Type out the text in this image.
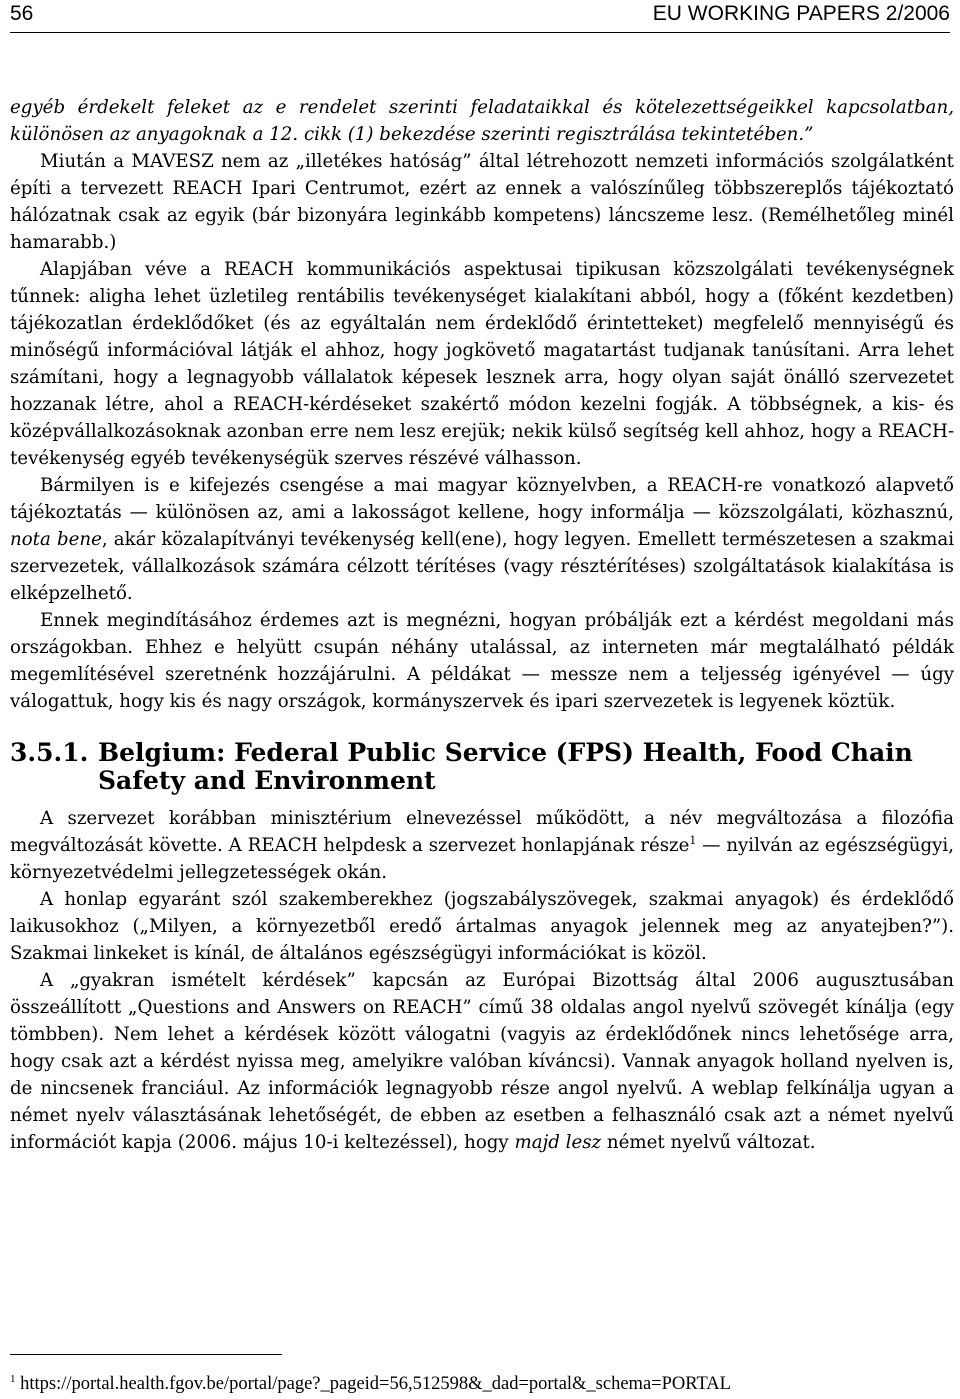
56	EU WORKING PAPERS 2/2006

egyéb érdekelt feleket az e rendelet szerinti feladataikkal és kötelezettségeikkel kapcsolatban, különösen az anyagoknak a 12. cikk (1) bekezdése szerinti regisztrálása tekintetében.”

Miután a MAVESZ nem az „illetékes hatóság” által létrehozott nemzeti információs szolgálatként építi a tervezett REACH Ipari Centrumot, ezért az ennek a valószínűleg többszereplős tájékoztató hálózatnak csak az egyik (bár bizonyára leginkább kompetens) láncszeme lesz. (Remélhetőleg minél hamarabb.)

Alapjában véve a REACH kommunikációs aspektusai tipikusan közszolgálati tevékenységnek tűnnek: aligha lehet üzletileg rentábilis tevékenységet kialakítani abból, hogy a (főként kezdetben) tájékozatlan érdeklődőket (és az egyáltalán nem érdeklődő érintetteket) megfelelő mennyiségű és minőségű információval látják el ahhoz, hogy jogkövető magatartást tudjanak tanúsítani. Arra lehet számítani, hogy a legnagyobb vállalatok képesek lesznek arra, hogy olyan saját önálló szervezetet hozzanak létre, ahol a REACH-kérdéseket szakértő módon kezelni fogják. A többségnek, a kis- és középvállalkozásoknak azonban erre nem lesz erejük; nekik külső segítség kell ahhoz, hogy a REACH-tevékenység egyéb tevékenységük szerves részévé válhasson.

Bármilyen is e kifejezés csengése a mai magyar köznyelvben, a REACH-re vonatkozó alapvető tájékoztatás — különösen az, ami a lakosságot kellene, hogy informálja — közszolgálati, közhasznú, nota bene, akár közalapítványi tevékenység kell(ene), hogy legyen. Emellett természetesen a szakmai szervezetek, vállalkozások számára célzott térítéses (vagy résztérítéses) szolgáltatások kialakítása is elképzelhető.

Ennek megindításához érdemes azt is megnézni, hogyan próbálják ezt a kérdést megoldani más országokban. Ehhez e helyütt csupán néhány utalással, az interneten már megtalálható példák megemlítésével szeretnénk hozzájárulni. A példákat — messze nem a teljesség igényével — úgy válogattuk, hogy kis és nagy országok, kormányszervek és ipari szervezetek is legyenek köztük.

3.5.1. Belgium: Federal Public Service (FPS) Health, Food Chain Safety and Environment

A szervezet korábban minisztérium elnevezéssel működött, a név megváltozása a filozófia megváltozását követte. A REACH helpdesk a szervezet honlapjának része$^1$ — nyilván az egészségügyi, környezetvédelmi jellegzetességek okán.

A honlap egyaránt szól szakemberekhez (jogszabályszövegek, szakmai anyagok) és érdeklődő laikusokhoz („Milyen, a környezetből eredő ártalmas anyagok jelennek meg az anyatejben?”). Szakmai linkeket is kínál, de általános egészségügyi információkat is közöl.

A „gyakran ismételt kérdések” kapcsán az Európai Bizottság által 2006 augusztusában összeállított „Questions and Answers on REACH” című 38 oldalas angol nyelvű szövegét kínálja (egy tömbben). Nem lehet a kérdések között válogatni (vagyis az érdeklődőnek nincs lehetősége arra, hogy csak azt a kérdést nyissa meg, amelyikre valóban kíváncsi). Vannak anyagok holland nyelven is, de nincsenek franciául. Az információk legnagyobb része angol nyelvű. A weblap felkínálja ugyan a német nyelv választásának lehetőségét, de ebben az esetben a felhasználó csak azt a német nyelvű információt kapja (2006. május 10-i keltezéssel), hogy majd lesz német nyelvű változat.

$^1$ https://portal.health.fgov.be/portal/page?_pageid=56,512598&_dad=portal&_schema=PORTAL
